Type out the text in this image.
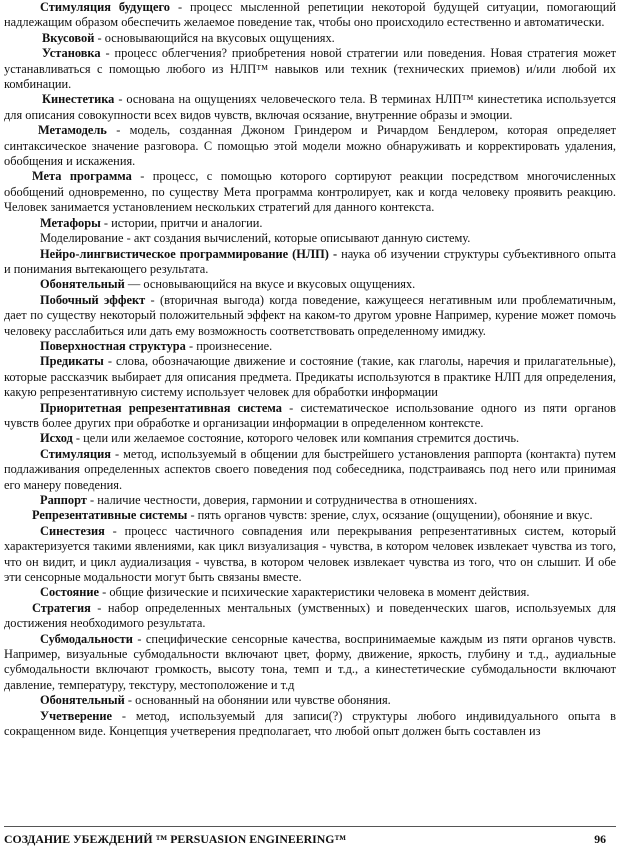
Стимуляция будущего - процесс мысленной репетиции некоторой будущей ситуации, помогающий надлежащим образом обеспечить желаемое поведение так, чтобы оно происходило естественно и автоматически.

Вкусовой - основывающийся на вкусовых ощущениях.

Установка - процесс облегчения? приобретения новой стратегии или поведения. Новая стратегия может устанавливаться с помощью любого из НЛП™ навыков или техник (технических приемов) и/или любой их комбинации.

Кинестетика - основана на ощущениях человеческого тела. В терминах НЛП™ кинестетика используется для описания совокупности всех видов чувств, включая осязание, внутренние образы и эмоции.

Метамодель - модель, созданная Джоном Гриндером и Ричардом Бендлером, которая определяет синтаксическое значение разговора. С помощью этой модели можно обнаруживать и корректировать удаления, обобщения и искажения.

Мета программа - процесс, с помощью которого сортируют реакции посредством многочисленных обобщений одновременно, по существу Мета программа контролирует, как и когда человеку проявить реакцию. Человек занимается установлением нескольких стратегий для данного контекста.

Метафоры - истории, притчи и аналогии.

Моделирование - акт создания вычислений, которые описывают данную систему.

Нейро-лингвистическое программирование (НЛП) - наука об изучении структуры субъективного опыта и понимания вытекающего результата.

Обонятельный — основывающийся на вкусе и вкусовых ощущениях.

Побочный эффект - (вторичная выгода) когда поведение, кажущееся негативным или проблематичным, дает по существу некоторый положительный эффект на каком-то другом уровне Например, курение может помочь человеку расслабиться или дать ему возможность соответствовать определенному имиджу.

Поверхностная структура - произнесение.

Предикаты - слова, обозначающие движение и состояние (такие, как глаголы, наречия и прилагательные), которые рассказчик выбирает для описания предмета. Предикаты используются в практике НЛП для определения, какую репрезентативную систему использует человек для обработки информации

Приоритетная репрезентативная система - систематическое использование одного из пяти органов чувств более других при обработке и организации информации в определенном контексте.

Исход - цели или желаемое состояние, которого человек или компания стремится достичь.

Стимуляция - метод, используемый в общении для быстрейшего установления раппорта (контакта) путем подлаживания определенных аспектов своего поведения под собеседника, подстраиваясь под него или принимая его манеру поведения.

Раппорт - наличие честности, доверия, гармонии и сотрудничества в отношениях.

Репрезентативные системы - пять органов чувств: зрение, слух, осязание (ощущении), обоняние и вкус.

Синестезия - процесс частичного совпадения или перекрывания репрезентативных систем, который характеризуется такими явлениями, как цикл визуализация - чувства, в котором человек извлекает чувства из того, что он видит, и цикл аудиализация - чувства, в котором человек извлекает чувства из того, что он слышит. И обе эти сенсорные модальности могут быть связаны вместе.

Состояние - общие физические и психические характеристики человека в момент действия.

Стратегия - набор определенных ментальных (умственных) и поведенческих шагов, используемых для достижения необходимого результата.

Субмодальности - специфические сенсорные качества, воспринимаемые каждым из пяти органов чувств. Например, визуальные субмодальности включают цвет, форму, движение, яркость, глубину и т.д., аудиальные субмодальности включают громкость, высоту тона, темп и т.д., а кинестетические субмодальности включают давление, температуру, текстуру, местоположение и т.д

Обонятельный - основанный на обонянии или чувстве обоняния.

Учетверение - метод, используемый для записи(?) структуры любого индивидуального опыта в сокращенном виде. Концепция учетверения предполагает, что любой опыт должен быть составлен из

СОЗДАНИЕ УБЕЖДЕНИЙ ™ PERSUASION ENGINEERING™	96
